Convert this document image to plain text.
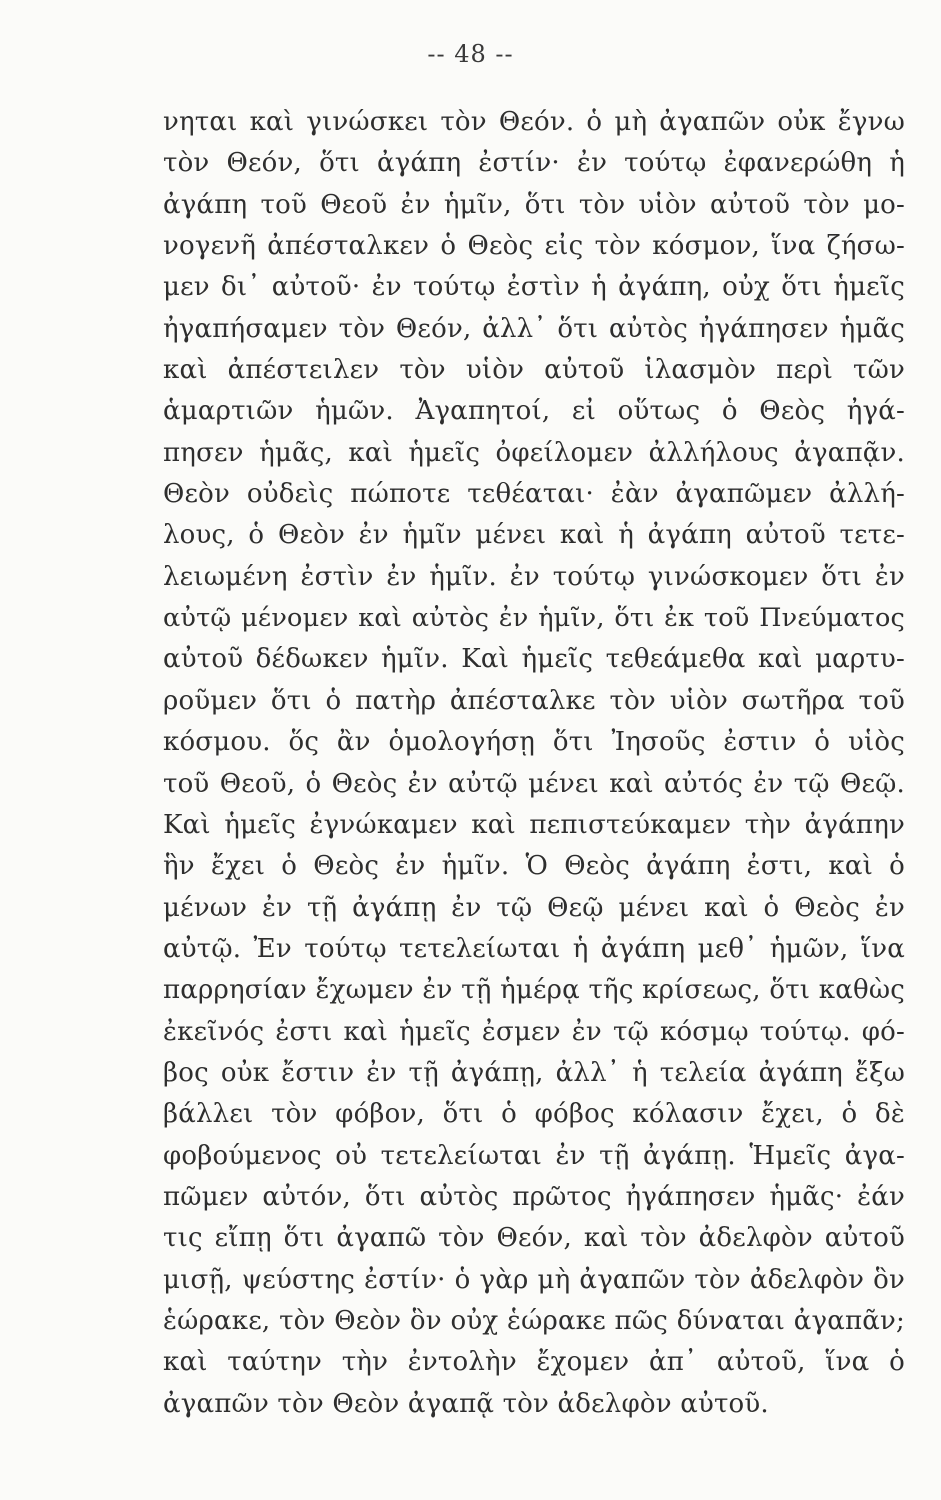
-- 48 --
νηται καὶ γινώσκει τὸν Θεόν. ὁ μὴ ἀγαπῶν οὐκ ἔγνω
τὸν Θεόν, ὅτι ἀγάπη ἐστίν· ἐν τούτῳ ἐφανερώθη ἡ
ἀγάπη τοῦ Θεοῦ ἐν ἡμῖν, ὅτι τὸν υἱὸν αὐτοῦ τὸν μο-
νογενῆ ἀπέσταλκεν ὁ Θεὸς εἰς τὸν κόσμον, ἵνα ζήσω-
μεν δι᾽ αὐτοῦ· ἐν τούτῳ ἐστὶν ἡ ἀγάπη, οὐχ ὅτι ἡμεῖς
ἠγαπήσαμεν τὸν Θεόν, ἀλλ᾽ ὅτι αὐτὸς ἠγάπησεν ἡμᾶς
καὶ ἀπέστειλεν τὸν υἱὸν αὐτοῦ ἱλασμὸν περὶ τῶν
ἁμαρτιῶν ἡμῶν. Ἀγαπητοί, εἰ οὕτως ὁ Θεὸς ἠγά-
πησεν ἡμᾶς, καὶ ἡμεῖς ὀφείλομεν ἀλλήλους ἀγαπᾷν.
Θεὸν οὐδεὶς πώποτε τεθέαται· ἐὰν ἀγαπῶμεν ἀλλή-
λους, ὁ Θεὸν ἐν ἡμῖν μένει καὶ ἡ ἀγάπη αὐτοῦ τετε-
λειωμένη ἐστὶν ἐν ἡμῖν. ἐν τούτῳ γινώσκομεν ὅτι ἐν
αὐτῷ μένομεν καὶ αὐτὸς ἐν ἡμῖν, ὅτι ἐκ τοῦ Πνεύματος
αὐτοῦ δέδωκεν ἡμῖν. Καὶ ἡμεῖς τεθεάμεθα καὶ μαρτυ-
ροῦμεν ὅτι ὁ πατὴρ ἀπέσταλκε τὸν υἱὸν σωτῆρα τοῦ
κόσμου. ὅς ἂν ὁμολογήσῃ ὅτι Ἰησοῦς ἐστιν ὁ υἱὸς
τοῦ Θεοῦ, ὁ Θεὸς ἐν αὐτῷ μένει καὶ αὐτός ἐν τῷ Θεῷ.
Καὶ ἡμεῖς ἐγνώκαμεν καὶ πεπιστεύκαμεν τὴν ἀγάπην
ἣν ἔχει ὁ Θεὸς ἐν ἡμῖν. Ὁ Θεὸς ἀγάπη ἐστι, καὶ ὁ
μένων ἐν τῇ ἀγάπῃ ἐν τῷ Θεῷ μένει καὶ ὁ Θεὸς ἐν
αὐτῷ. Ἐν τούτῳ τετελείωται ἡ ἀγάπη μεθ᾽ ἡμῶν, ἵνα
παρρησίαν ἔχωμεν ἐν τῇ ἡμέρᾳ τῆς κρίσεως, ὅτι καθὼς
ἐκεῖνός ἐστι καὶ ἡμεῖς ἐσμεν ἐν τῷ κόσμῳ τούτῳ. φό-
βος οὐκ ἔστιν ἐν τῇ ἀγάπῃ, ἀλλ᾽ ἡ τελεία ἀγάπη ἔξω
βάλλει τὸν φόβον, ὅτι ὁ φόβος κόλασιν ἔχει, ὁ δὲ
φοβούμενος οὐ τετελείωται ἐν τῇ ἀγάπῃ. Ἡμεῖς ἀγα-
πῶμεν αὐτόν, ὅτι αὐτὸς πρῶτος ἠγάπησεν ἡμᾶς· ἐάν
τις εἴπῃ ὅτι ἀγαπῶ τὸν Θεόν, καὶ τὸν ἀδελφὸν αὐτοῦ
μισῇ, ψεύστης ἐστίν· ὁ γὰρ μὴ ἀγαπῶν τὸν ἀδελφὸν ὃν
ἑώρακε, τὸν Θεὸν ὃν οὐχ ἑώρακε πῶς δύναται ἀγαπᾶν;
καὶ ταύτην τὴν ἐντολὴν ἔχομεν ἀπ᾽ αὐτοῦ, ἵνα ὁ
ἀγαπῶν τὸν Θεὸν ἀγαπᾷ τὸν ἀδελφὸν αὐτοῦ.
